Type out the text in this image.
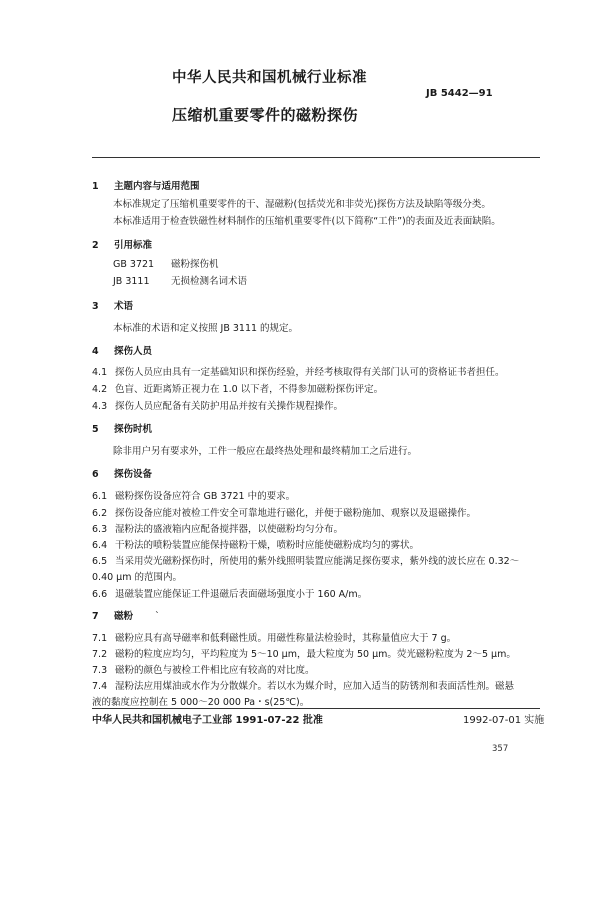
中华人民共和国机械行业标准
JB 5442—91
压缩机重要零件的磁粉探伤
1 主题内容与适用范围
本标准规定了压缩机重要零件的干、湿磁粉(包括荧光和非荧光)探伤方法及缺陷等级分类。
本标准适用于检查铁磁性材料制作的压缩机重要零件(以下简称“工件”)的表面及近表面缺陷。
2 引用标准
GB 3721 磁粉探伤机
JB 3111 无损检测名词术语
3 术语
本标准的术语和定义按照 JB 3111 的规定。
4 探伤人员
4.1 探伤人员应由具有一定基础知识和探伤经验，并经考核取得有关部门认可的资格证书者担任。
4.2 色盲、近距离矫正视力在 1.0 以下者，不得参加磁粉探伤评定。
4.3 探伤人员应配备有关防护用品并按有关操作规程操作。
5 探伤时机
除非用户另有要求外，工件一般应在最终热处理和最终精加工之后进行。
6 探伤设备
6.1 磁粉探伤设备应符合 GB 3721 中的要求。
6.2 探伤设备应能对被检工件安全可靠地进行磁化，并便于磁粉施加、观察以及退磁操作。
6.3 湿粉法的盛液箱内应配备搅拌器，以使磁粉均匀分布。
6.4 干粉法的喷粉装置应能保持磁粉干燥，喷粉时应能使磁粉成均匀的雾状。
6.5 当采用荧光磁粉探伤时，所使用的紫外线照明装置应能满足探伤要求，紫外线的波长应在 0.32～
0.40 μm 的范围内。
6.6 退磁装置应能保证工件退磁后表面磁场强度小于 160 A/m。
7 磁粉 ˋ
7.1 磁粉应具有高导磁率和低剩磁性质。用磁性称量法检验时，其称量值应大于 7 g。
7.2 磁粉的粒度应均匀，平均粒度为 5～10 μm，最大粒度为 50 μm。荧光磁粉粒度为 2～5 μm。
7.3 磁粉的颜色与被检工件相比应有较高的对比度。
7.4 湿粉法应用煤油或水作为分散媒介。若以水为媒介时，应加入适当的防锈剂和表面活性剂。磁悬
液的黏度应控制在 5 000～20 000 Pa・s(25℃)。
中华人民共和国机械电子工业部 1991-07-22 批准	1992-07-01 实施
357
